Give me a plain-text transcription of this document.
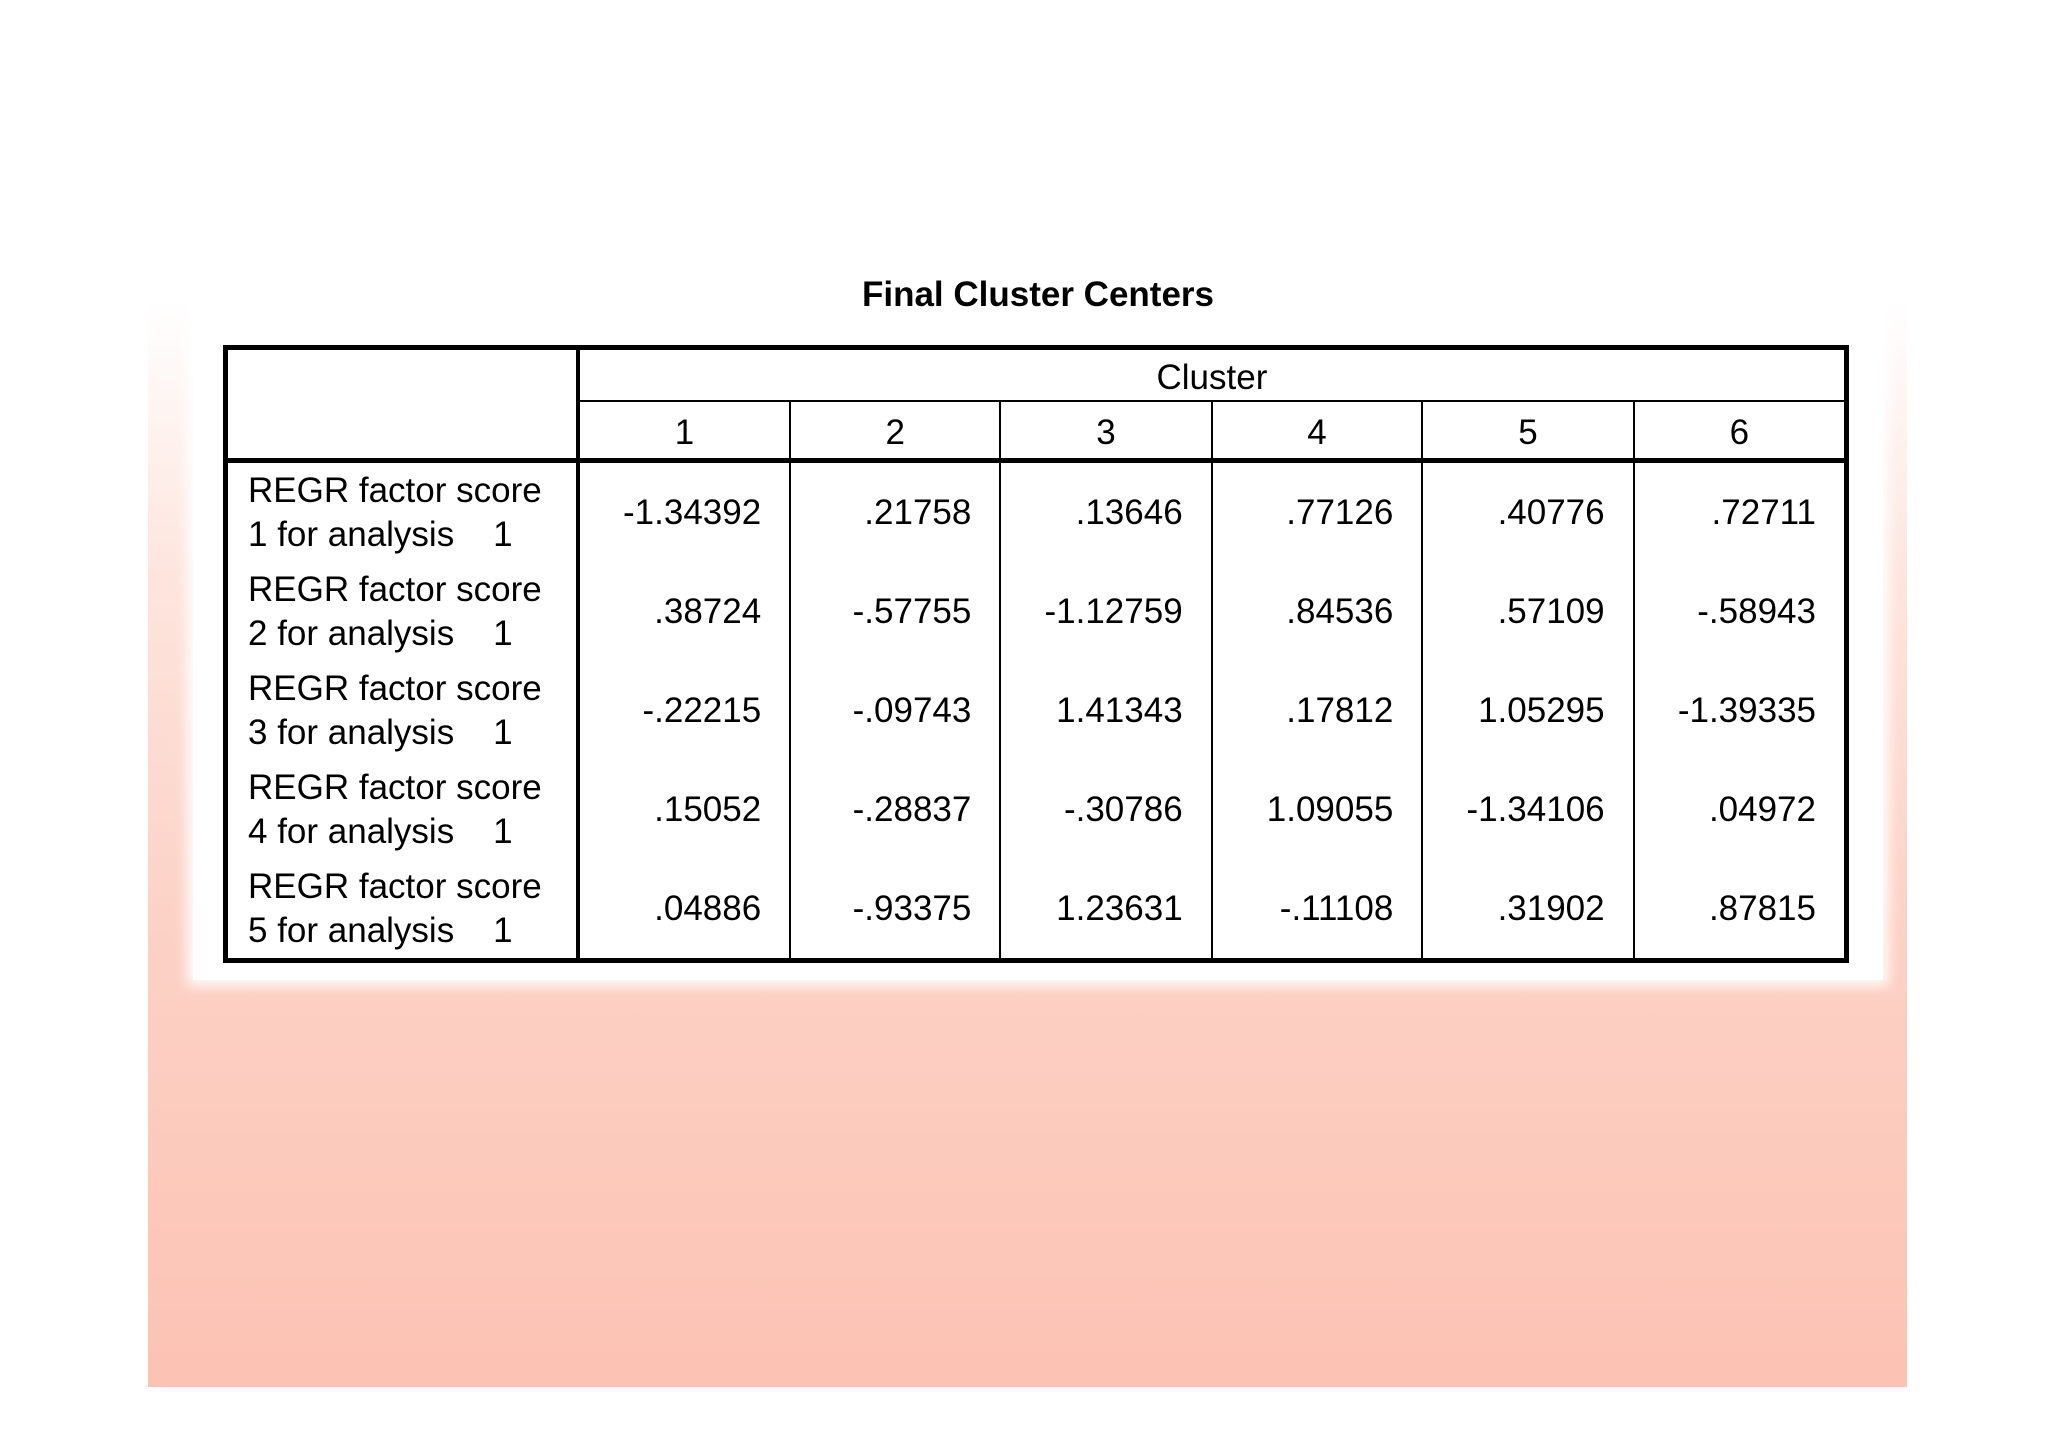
Final Cluster Centers
	Cluster					
	1	2	3	4	5	6

REGR factor score
1 for analysis    1	-1.34392	.21758	.13646	.77126	.40776	.72711

REGR factor score
2 for analysis    1	.38724	-.57755	-1.12759	.84536	.57109	-.58943

REGR factor score
3 for analysis    1	-.22215	-.09743	1.41343	.17812	1.05295	-1.39335

REGR factor score
4 for analysis    1	.15052	-.28837	-.30786	1.09055	-1.34106	.04972

REGR factor score
5 for analysis    1	.04886	-.93375	1.23631	-.11108	.31902	.87815
